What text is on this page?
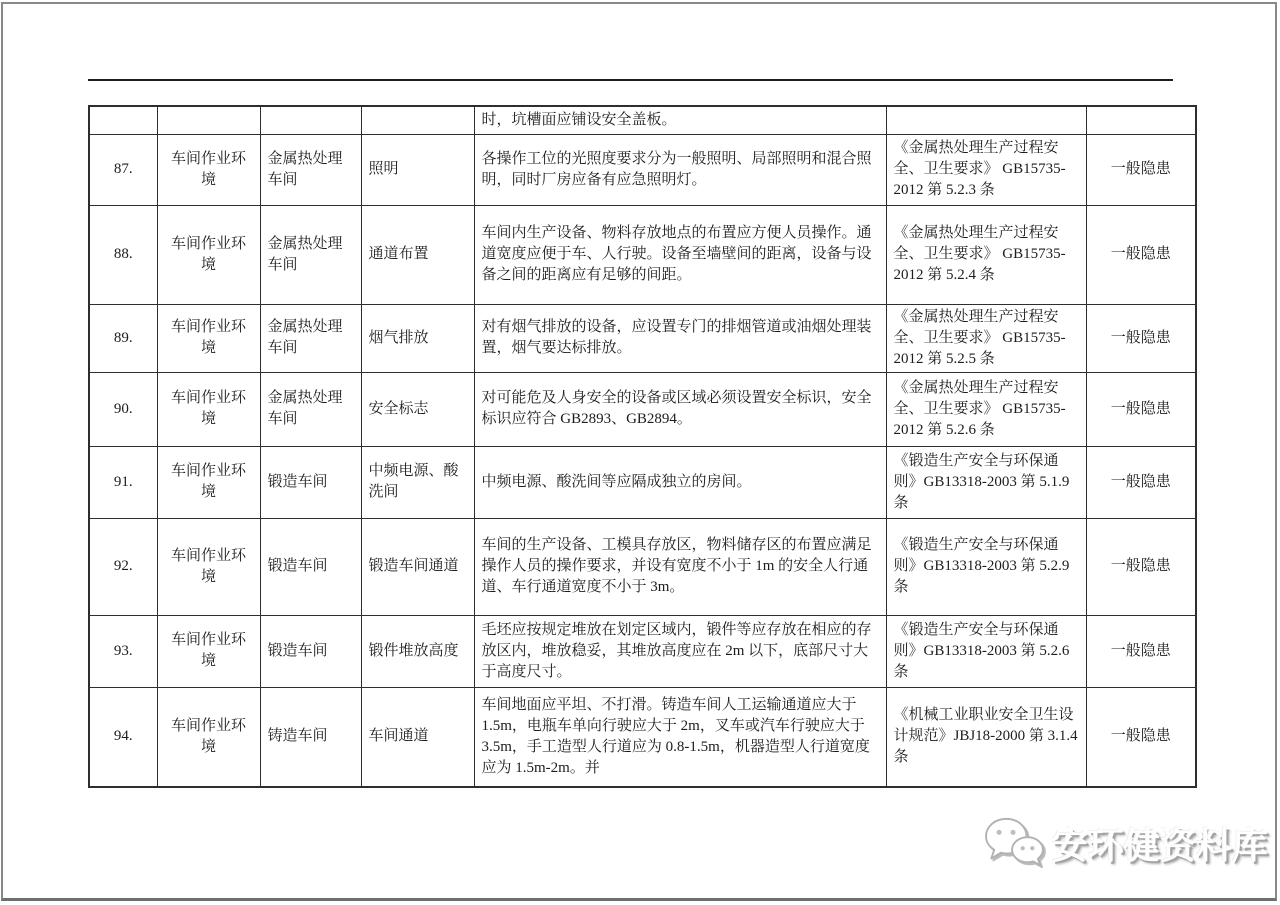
				时，坑槽面应铺设安全盖板。		
87.	车间作业环境	金属热处理车间	照明	各操作工位的光照度要求分为一般照明、局部照明和混合照明，同时厂房应备有应急照明灯。	《金属热处理生产过程安全、卫生要求》 GB15735-2012 第 5.2.3 条	一般隐患
88.	车间作业环境	金属热处理车间	通道布置	车间内生产设备、物料存放地点的布置应方便人员操作。通道宽度应便于车、人行驶。设备至墙壁间的距离，设备与设备之间的距离应有足够的间距。	《金属热处理生产过程安全、卫生要求》 GB15735-2012 第 5.2.4 条	一般隐患
89.	车间作业环境	金属热处理车间	烟气排放	对有烟气排放的设备，应设置专门的排烟管道或油烟处理装置，烟气要达标排放。	《金属热处理生产过程安全、卫生要求》 GB15735-2012 第 5.2.5 条	一般隐患
90.	车间作业环境	金属热处理车间	安全标志	对可能危及人身安全的设备或区域必须设置安全标识，安全标识应符合 GB2893、GB2894。	《金属热处理生产过程安全、卫生要求》 GB15735-2012 第 5.2.6 条	一般隐患
91.	车间作业环境	锻造车间	中频电源、酸洗间	中频电源、酸洗间等应隔成独立的房间。	《锻造生产安全与环保通则》GB13318-2003 第 5.1.9 条	一般隐患
92.	车间作业环境	锻造车间	锻造车间通道	车间的生产设备、工模具存放区，物料储存区的布置应满足操作人员的操作要求，并设有宽度不小于 1m 的安全人行通道、车行通道宽度不小于 3m。	《锻造生产安全与环保通则》GB13318-2003 第 5.2.9 条	一般隐患
93.	车间作业环境	锻造车间	锻件堆放高度	毛坯应按规定堆放在划定区域内，锻件等应存放在相应的存放区内，堆放稳妥，其堆放高度应在 2m 以下，底部尺寸大于高度尺寸。	《锻造生产安全与环保通则》GB13318-2003 第 5.2.6 条	一般隐患
94.	车间作业环境	铸造车间	车间通道	车间地面应平坦、不打滑。铸造车间人工运输通道应大于 1.5m，电瓶车单向行驶应大于 2m，叉车或汽车行驶应大于 3.5m，手工造型人行道应为 0.8-1.5m，机器造型人行道宽度应为 1.5m-2m。并	《机械工业职业安全卫生设计规范》JBJ18-2000 第 3.1.4 条	一般隐患
安环健资料库
